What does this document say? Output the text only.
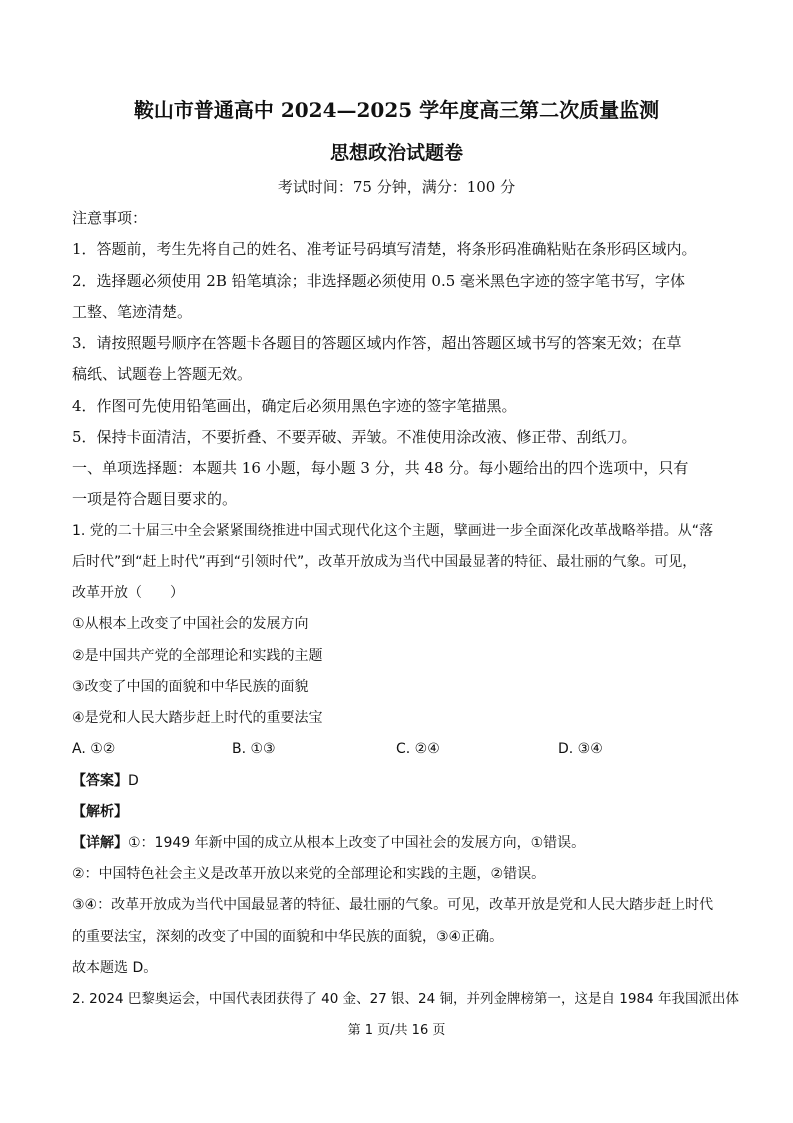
鞍山市普通高中 2024—2025 学年度高三第二次质量监测
思想政治试题卷
考试时间：75 分钟，满分：100 分
注意事项：
1．答题前，考生先将自己的姓名、准考证号码填写清楚，将条形码准确粘贴在条形码区域内。
2．选择题必须使用 2B 铅笔填涂；非选择题必须使用 0.5 毫米黑色字迹的签字笔书写，字体
工整、笔迹清楚。
3．请按照题号顺序在答题卡各题目的答题区域内作答，超出答题区域书写的答案无效；在草
稿纸、试题卷上答题无效。
4．作图可先使用铅笔画出，确定后必须用黑色字迹的签字笔描黑。
5．保持卡面清洁，不要折叠、不要弄破、弄皱。不准使用涂改液、修正带、刮纸刀。
一、单项选择题：本题共 16 小题，每小题 3 分，共 48 分。每小题给出的四个选项中，只有
一项是符合题目要求的。
1. 党的二十届三中全会紧紧围绕推进中国式现代化这个主题，擘画进一步全面深化改革战略举措。从“落
后时代”到“赶上时代”再到“引领时代”，改革开放成为当代中国最显著的特征、最壮丽的气象。可见，
改革开放（　　）
①从根本上改变了中国社会的发展方向
②是中国共产党的全部理论和实践的主题
③改变了中国的面貌和中华民族的面貌
④是党和人民大踏步赶上时代的重要法宝
A. ①②	B. ①③	C. ②④	D. ③④
【答案】D
【解析】
【详解】①：1949 年新中国的成立从根本上改变了中国社会的发展方向，①错误。
②：中国特色社会主义是改革开放以来党的全部理论和实践的主题，②错误。
③④：改革开放成为当代中国最显著的特征、最壮丽的气象。可见，改革开放是党和人民大踏步赶上时代
的重要法宝，深刻的改变了中国的面貌和中华民族的面貌，③④正确。
故本题选 D。
2. 2024 巴黎奥运会，中国代表团获得了 40 金、27 银、24 铜，并列金牌榜第一，这是自 1984 年我国派出体
第 1 页/共 16 页
